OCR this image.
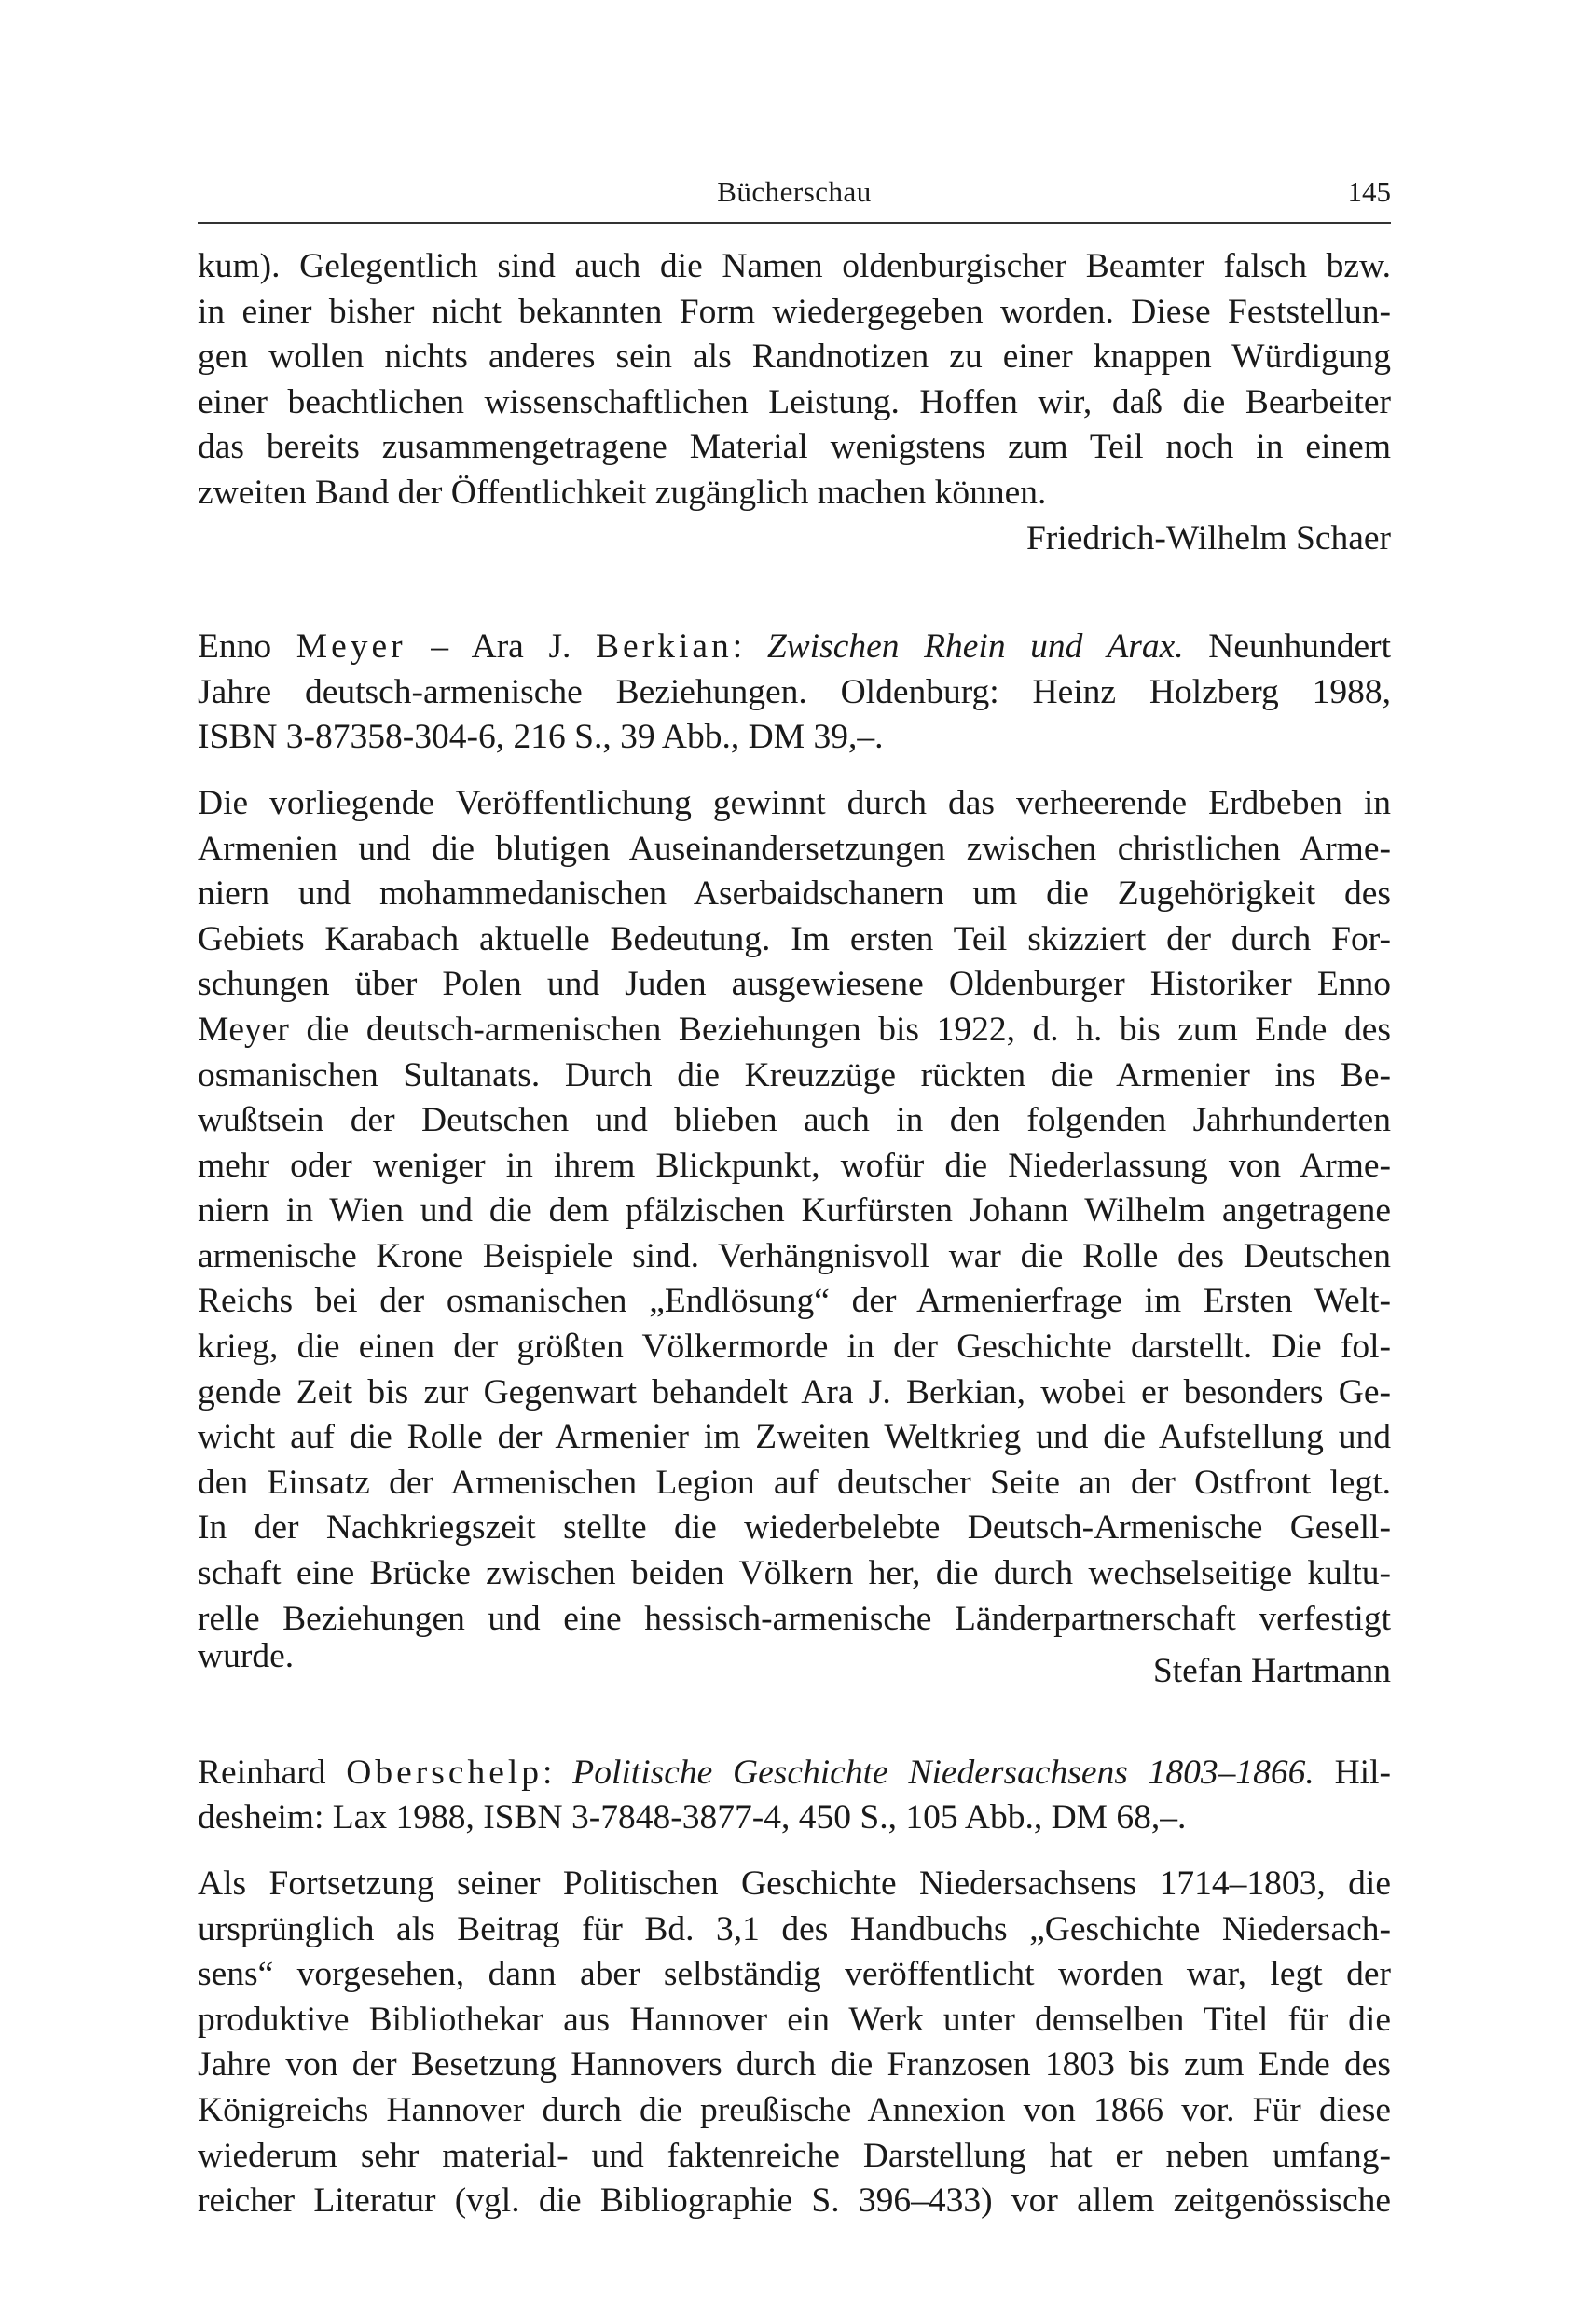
Bücherschau	145
kum). Gelegentlich sind auch die Namen oldenburgischer Beamter falsch bzw.
in einer bisher nicht bekannten Form wiedergegeben worden. Diese Feststellun-
gen wollen nichts anderes sein als Randnotizen zu einer knappen Würdigung
einer beachtlichen wissenschaftlichen Leistung. Hoffen wir, daß die Bearbeiter
das bereits zusammengetragene Material wenigstens zum Teil noch in einem
zweiten Band der Öffentlichkeit zugänglich machen können.
Friedrich-Wilhelm Schaer
Enno Meyer – Ara J. Berkian: Zwischen Rhein und Arax. Neunhundert
Jahre deutsch-armenische Beziehungen. Oldenburg: Heinz Holzberg 1988,
ISBN 3-87358-304-6, 216 S., 39 Abb., DM 39,–.
Die vorliegende Veröffentlichung gewinnt durch das verheerende Erdbeben in
Armenien und die blutigen Auseinandersetzungen zwischen christlichen Arme-
niern und mohammedanischen Aserbaidschanern um die Zugehörigkeit des
Gebiets Karabach aktuelle Bedeutung. Im ersten Teil skizziert der durch For-
schungen über Polen und Juden ausgewiesene Oldenburger Historiker Enno
Meyer die deutsch-armenischen Beziehungen bis 1922, d. h. bis zum Ende des
osmanischen Sultanats. Durch die Kreuzzüge rückten die Armenier ins Be-
wußtsein der Deutschen und blieben auch in den folgenden Jahrhunderten
mehr oder weniger in ihrem Blickpunkt, wofür die Niederlassung von Arme-
niern in Wien und die dem pfälzischen Kurfürsten Johann Wilhelm angetragene
armenische Krone Beispiele sind. Verhängnisvoll war die Rolle des Deutschen
Reichs bei der osmanischen „Endlösung“ der Armenierfrage im Ersten Welt-
krieg, die einen der größten Völkermorde in der Geschichte darstellt. Die fol-
gende Zeit bis zur Gegenwart behandelt Ara J. Berkian, wobei er besonders Ge-
wicht auf die Rolle der Armenier im Zweiten Weltkrieg und die Aufstellung und
den Einsatz der Armenischen Legion auf deutscher Seite an der Ostfront legt.
In der Nachkriegszeit stellte die wiederbelebte Deutsch-Armenische Gesell-
schaft eine Brücke zwischen beiden Völkern her, die durch wechselseitige kultu-
relle Beziehungen und eine hessisch-armenische Länderpartnerschaft verfestigt
wurde.	Stefan Hartmann
Reinhard Oberschelp: Politische Geschichte Niedersachsens 1803–1866. Hil-
desheim: Lax 1988, ISBN 3-7848-3877-4, 450 S., 105 Abb., DM 68,–.
Als Fortsetzung seiner Politischen Geschichte Niedersachsens 1714–1803, die
ursprünglich als Beitrag für Bd. 3,1 des Handbuchs „Geschichte Niedersach-
sens“ vorgesehen, dann aber selbständig veröffentlicht worden war, legt der
produktive Bibliothekar aus Hannover ein Werk unter demselben Titel für die
Jahre von der Besetzung Hannovers durch die Franzosen 1803 bis zum Ende des
Königreichs Hannover durch die preußische Annexion von 1866 vor. Für diese
wiederum sehr material- und faktenreiche Darstellung hat er neben umfang-
reicher Literatur (vgl. die Bibliographie S. 396–433) vor allem zeitgenössische
